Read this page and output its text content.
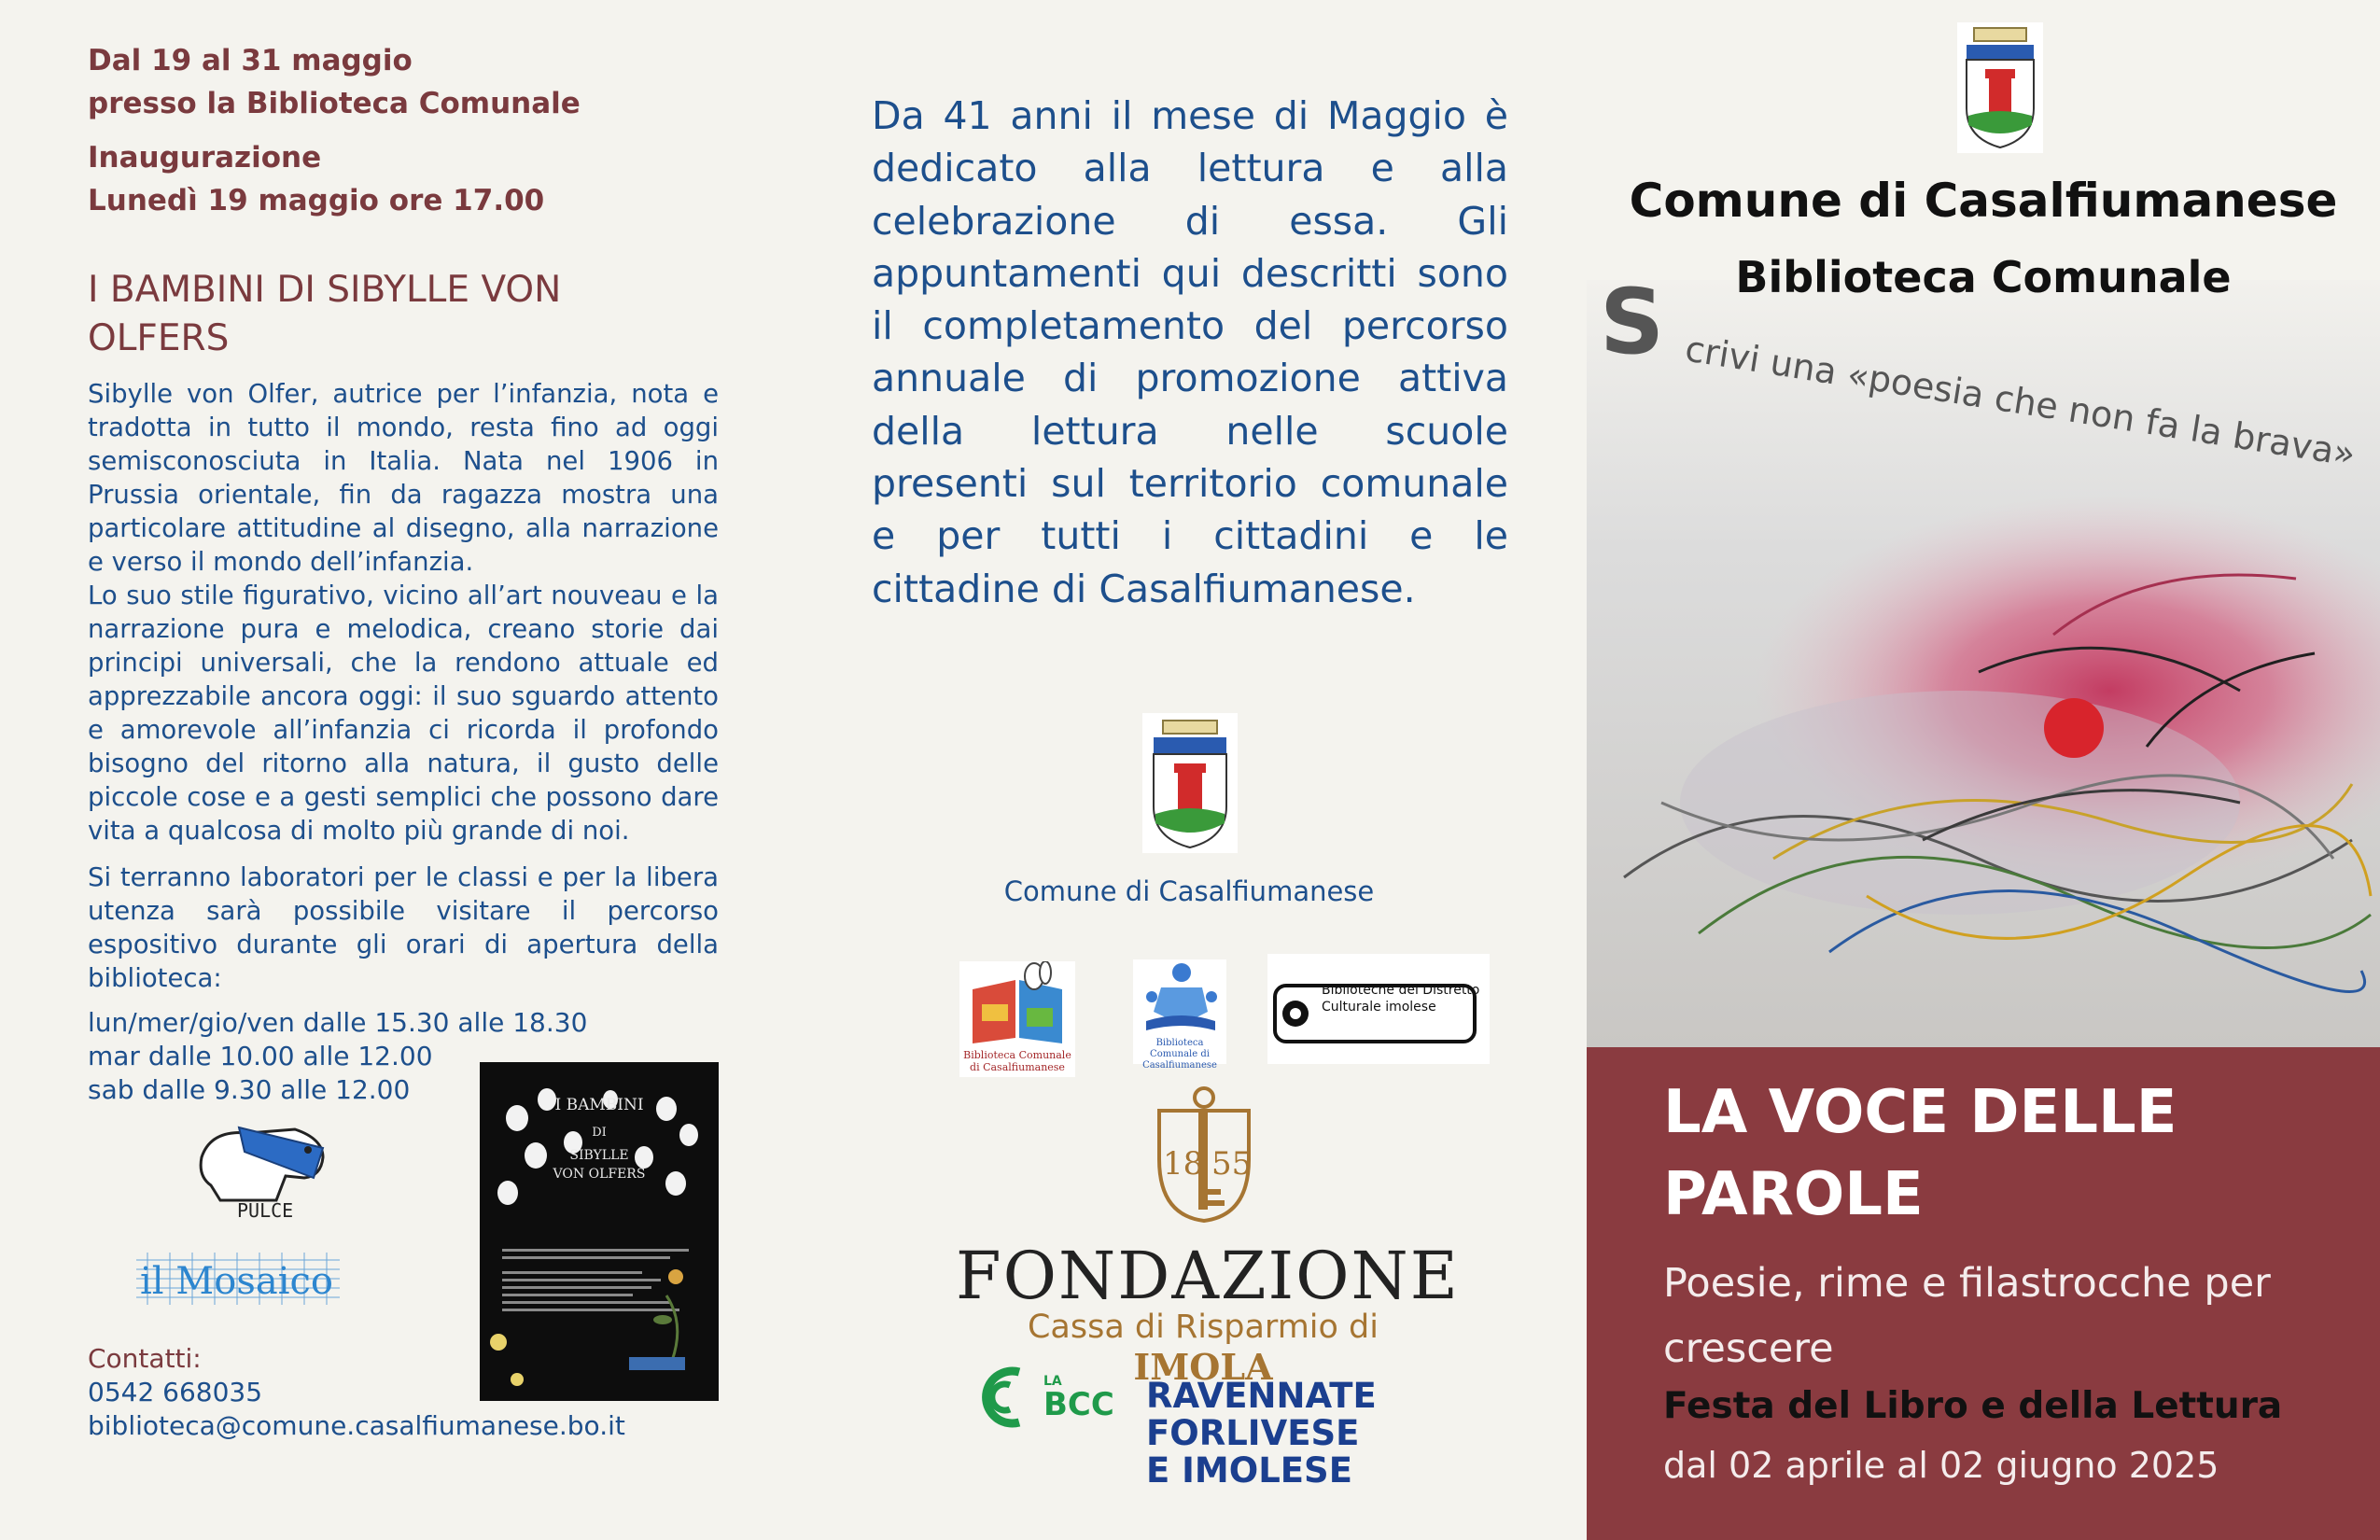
Dal 19 al 31 maggio
presso la Biblioteca Comunale
Inaugurazione
Lunedì 19 maggio ore 17.00
I BAMBINI DI SIBYLLE VON OLFERS
Sibylle von Olfer, autrice per l’infanzia, nota e tradotta in tutto il mondo, resta fino ad oggi semisconosciuta in Italia. Nata nel 1906 in Prussia orientale, fin da ragazza mostra una particolare attitudine al disegno, alla narrazione e verso il mondo dell’infanzia.
Lo suo stile figurativo, vicino all’art nouveau e la narrazione pura e melodica, creano storie dai principi universali, che la rendono attuale ed apprezzabile ancora oggi: il suo sguardo attento e amorevole all’infanzia ci ricorda il profondo bisogno del ritorno alla natura, il gusto delle piccole cose e a gesti semplici che possono dare vita a qualcosa di molto più grande di noi.
Si terranno laboratori per le classi e per la libera utenza sarà possibile visitare il percorso espositivo durante gli orari di apertura della biblioteca:
lun/mer/gio/ven dalle 15.30 alle 18.30
mar dalle 10.00 alle 12.00
sab dalle 9.30 alle 12.00
PULCE
il Mosaico
I BAMBINI
DI
SIBYLLE
VON OLFERS
Contatti:
0542 668035
biblioteca@comune.casalfiumanese.bo.it
Da 41 anni il mese di Maggio è dedicato alla lettura e alla celebrazione di essa. Gli appuntamenti qui descritti sono il completamento del percorso annuale di promozione attiva della lettura nelle scuole presenti sul territorio comunale e per tutti i cittadini e le cittadine di Casalfiumanese.
Comune di Casalfiumanese
Biblioteca Comunale di Casalfiumanese
Biblioteca Comunale di Casalfiumanese
Biblioteche del Distretto Culturale imolese
18 55
FONDAZIONE
Cassa di Risparmio di IMOLA
LA
BCC RAVENNATE
FORLIVESE
E IMOLESE
S
crivi una «poesia che non fa la brava»
Comune di Casalfiumanese
Biblioteca Comunale
LA VOCE DELLE PAROLE
Poesie, rime e filastrocche per crescere
Festa del Libro e della Lettura
dal 02 aprile al 02 giugno 2025
